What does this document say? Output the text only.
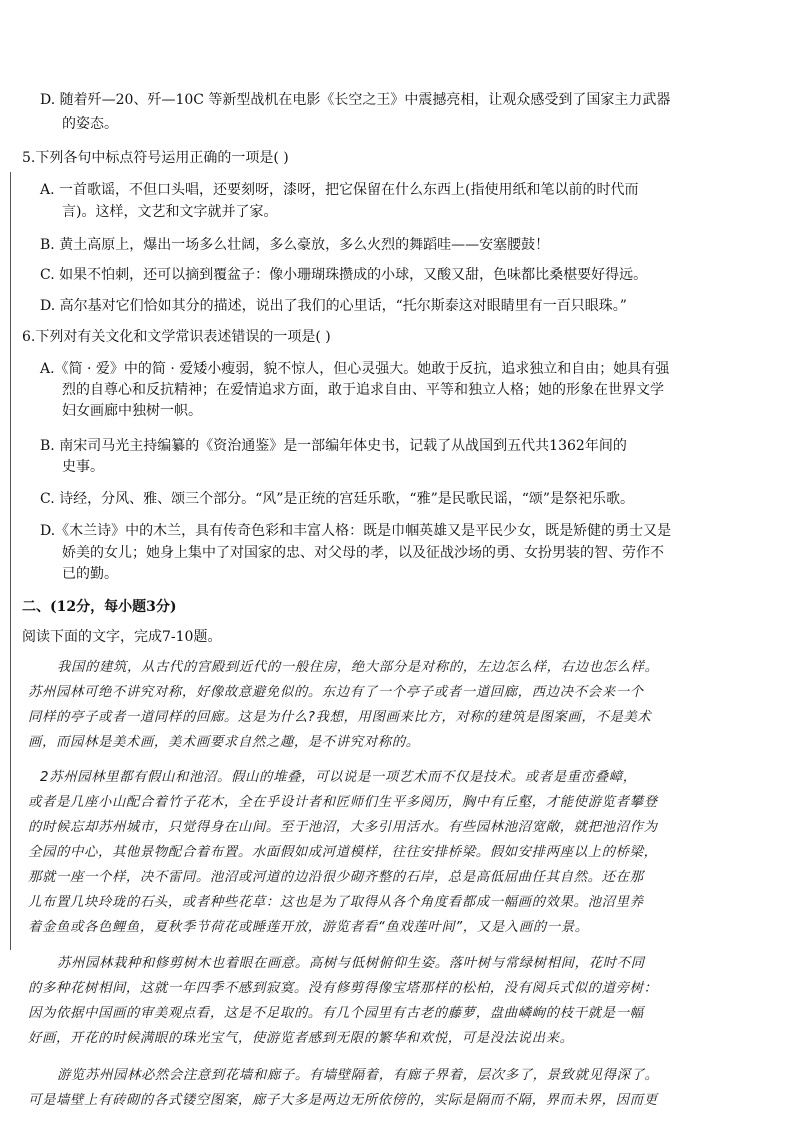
D. 随着歼—20、歼—10C 等新型战机在电影《长空之王》中震撼亮相，让观众感受到了国家主力武器
的姿态。
5.下列各句中标点符号运用正确的一项是( )
A. 一首歌谣，不但口头唱，还要刻呀，漆呀，把它保留在什么东西上(指使用纸和笔以前的时代而
言)。这样，文艺和文字就并了家。
B. 黄土高原上，爆出一场多么壮阔，多么豪放，多么火烈的舞蹈哇——安塞腰鼓！
C. 如果不怕刺，还可以摘到覆盆子：像小珊瑚珠攒成的小球，又酸又甜，色味都比桑椹要好得远。
D. 高尔基对它们恰如其分的描述，说出了我们的心里话，“托尔斯泰这对眼睛里有一百只眼珠。”
6.下列对有关文化和文学常识表述错误的一项是( )
A.《简 · 爱》中的简 · 爱矮小瘦弱，貌不惊人，但心灵强大。她敢于反抗，追求独立和自由；她具有强
烈的自尊心和反抗精神；在爱情追求方面，敢于追求自由、平等和独立人格；她的形象在世界文学
妇女画廊中独树一帜。
B. 南宋司马光主持编纂的《资治通鉴》是一部编年体史书，记载了从战国到五代共1362年间的
史事。
C. 诗经，分风、雅、颂三个部分。“风”是正统的宫廷乐歌，“雅”是民歌民谣，“颂”是祭祀乐歌。
D.《木兰诗》中的木兰，具有传奇色彩和丰富人格：既是巾帼英雄又是平民少女，既是矫健的勇士又是
娇美的女儿；她身上集中了对国家的忠、对父母的孝，以及征战沙场的勇、女扮男装的智、劳作不
已的勤。
二、(12分，每小题3分)
阅读下面的文字，完成7-10题。
我国的建筑，从古代的宫殿到近代的一般住房，绝大部分是对称的，左边怎么样，右边也怎么样。
苏州园林可绝不讲究对称，好像故意避免似的。东边有了一个亭子或者一道回廊，西边决不会来一个
同样的亭子或者一道同样的回廊。这是为什么?我想，用图画来比方，对称的建筑是图案画，不是美术
画，而园林是美术画，美术画要求自然之趣，是不讲究对称的。
2苏州园林里都有假山和池沼。假山的堆叠，可以说是一项艺术而不仅是技术。或者是重峦叠嶂，
或者是几座小山配合着竹子花木，全在乎设计者和匠师们生平多阅历，胸中有丘壑，才能使游览者攀登
的时候忘却苏州城市，只觉得身在山间。至于池沼，大多引用活水。有些园林池沼宽敞，就把池沼作为
全园的中心，其他景物配合着布置。水面假如成河道模样，往往安排桥梁。假如安排两座以上的桥梁，
那就一座一个样，决不雷同。池沼或河道的边沿很少砌齐整的石岸，总是高低屈曲任其自然。还在那
儿布置几块玲珑的石头，或者种些花草：这也是为了取得从各个角度看都成一幅画的效果。池沼里养
着金鱼或各色鲤鱼，夏秋季节荷花或睡莲开放，游览者看“鱼戏莲叶间”，又是入画的一景。
苏州园林栽种和修剪树木也着眼在画意。高树与低树俯仰生姿。落叶树与常绿树相间，花时不同
的多种花树相间，这就一年四季不感到寂寞。没有修剪得像宝塔那样的松柏，没有阅兵式似的道旁树：
因为依据中国画的审美观点看，这是不足取的。有几个园里有古老的藤萝，盘曲嶙峋的枝干就是一幅
好画，开花的时候满眼的珠光宝气，使游览者感到无限的繁华和欢悦，可是没法说出来。
游览苏州园林必然会注意到花墙和廊子。有墙壁隔着，有廊子界着，层次多了，景致就见得深了。
可是墙壁上有砖砌的各式镂空图案，廊子大多是两边无所依傍的，实际是隔而不隔，界而未界，因而更
